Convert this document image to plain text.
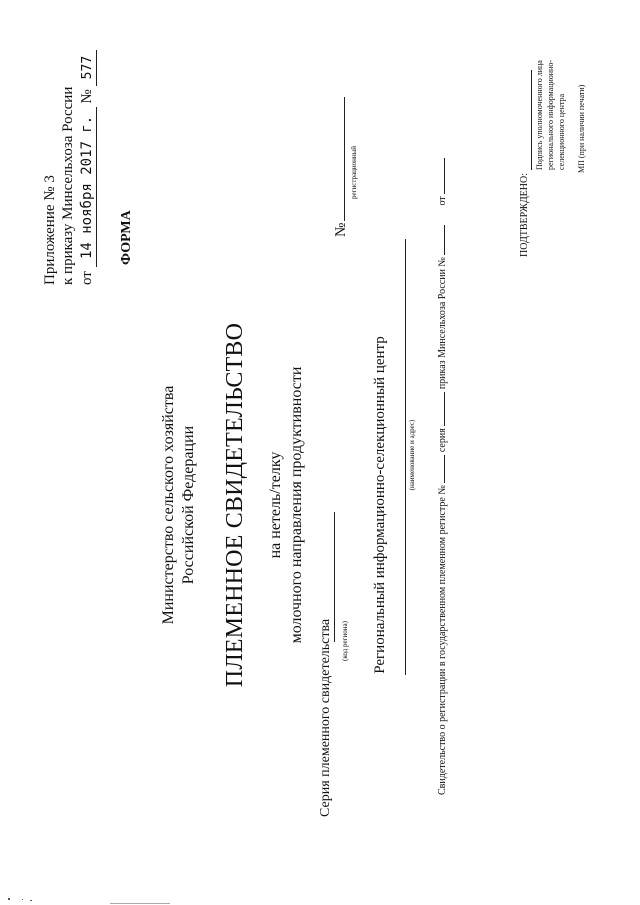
Приложение № 3 к приказу Минсельхоза России от 14 ноября 2017 г. № 577
ФОРМА
Министерство сельского хозяйства Российской Федерации ПЛЕМЕННОЕ СВИДЕТЕЛЬСТВО на нетель/телку молочного направления продуктивности
Серия племенного свидетельства (код региона)
№
регистрационный
Региональный информационно-селекционный центр	(наименование и адрес)
Свидетельство о регистрации в государственном племенном регистре №  серия  приказ Минсельхоза России №   от	ПОДТВЕРЖДЕНО:
Подпись уполномоченного лица регионального информационно- селекционного центра МП (при наличии печати)
